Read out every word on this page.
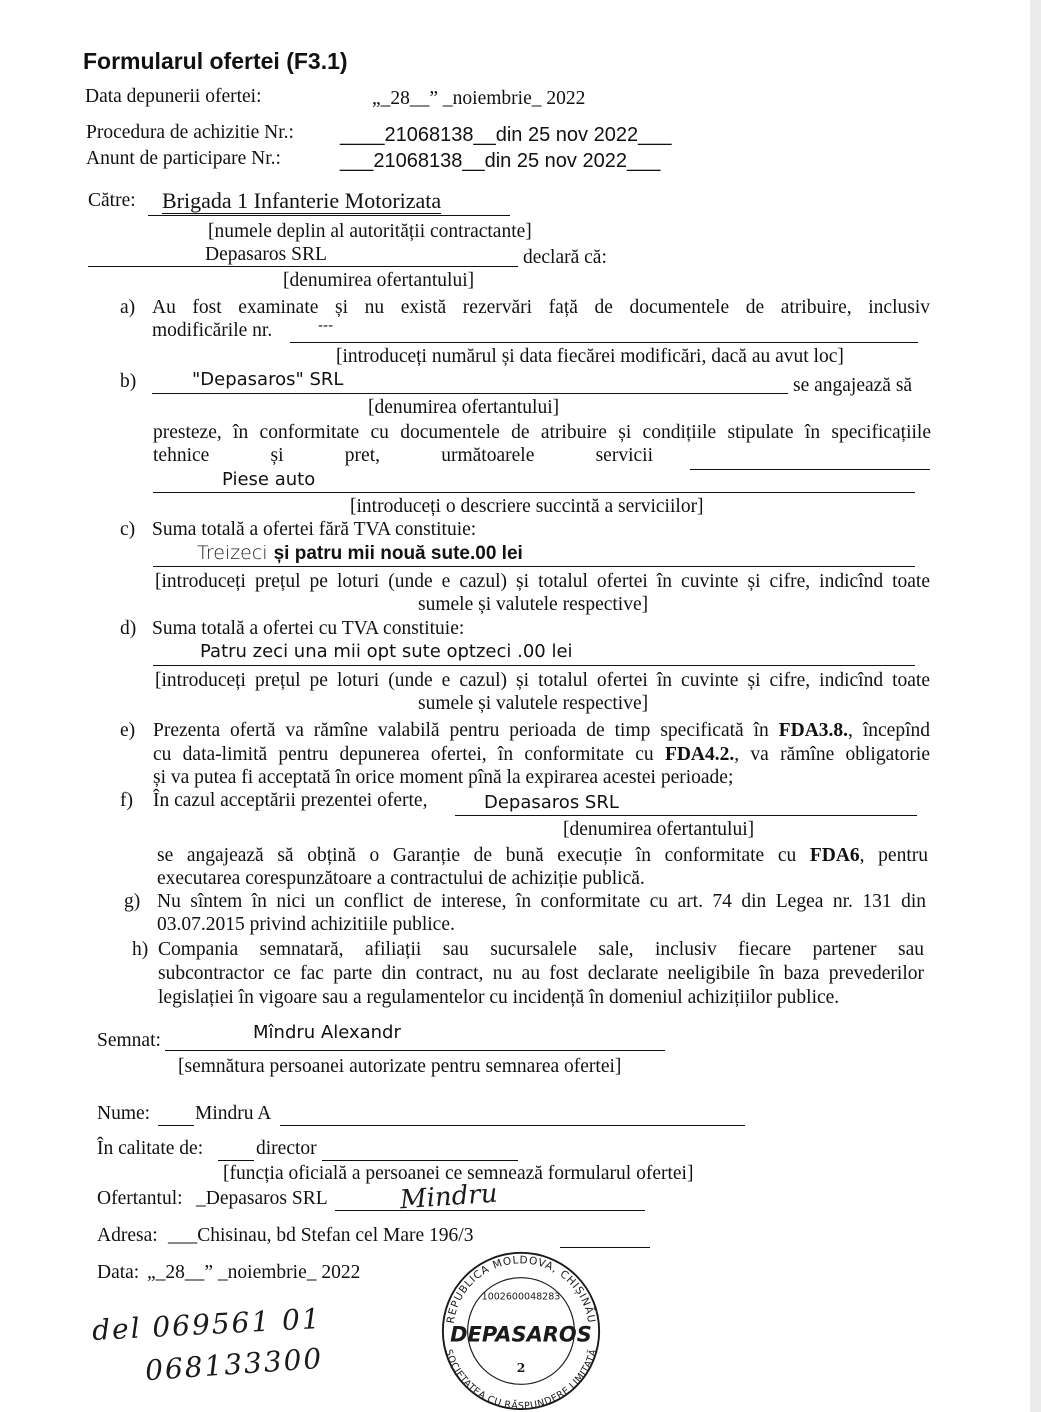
Formularul ofertei (F3.1)
Data depunerii ofertei:	„_28__” _noiembrie_ 2022
Procedura de achizitie Nr.: ____21068138__din 25 nov 2022___
Anunt de participare Nr.:	___21068138__din 25 nov 2022___
Către: Brigada 1 Infanterie Motorizata
[numele deplin al autorității contractante]
Depasaros SRL	declară că:
[denumirea ofertantului]
a) Au fost examinate și nu există rezervări față de documentele de atribuire, inclusiv
modificările nr.	---
[introduceți numărul și data fiecărei modificări, dacă au avut loc]
b)	"Depasaros" SRL	se angajează să
[denumirea ofertantului]
presteze, în conformitate cu documentele de atribuire și condițiile stipulate în specificațiile
tehnice	și	pret,	următoarele	servicii
Piese auto
[introduceți o descriere succintă a serviciilor]
c) Suma totală a ofertei fără TVA constituie:
Treizeci și patru mii nouă sute.00 lei
[introduceți prețul pe loturi (unde e cazul) și totalul ofertei în cuvinte și cifre, indicînd toate
sumele și valutele respective]
d) Suma totală a ofertei cu TVA constituie:
Patru zeci una mii opt sute optzeci .00 lei
[introduceți prețul pe loturi (unde e cazul) și totalul ofertei în cuvinte și cifre, indicînd toate
sumele și valutele respective]
e) Prezenta ofertă va rămîne valabilă pentru perioada de timp specificată în FDA3.8., începînd
cu data-limită pentru depunerea ofertei, în conformitate cu FDA4.2., va rămîne obligatorie
și va putea fi acceptată în orice moment pînă la expirarea acestei perioade;
f) În cazul acceptării prezentei oferte,	Depasaros SRL
[denumirea ofertantului]
se angajează să obțină o Garanție de bună execuție în conformitate cu FDA6, pentru
executarea corespunzătoare a contractului de achiziție publică.
g) Nu sîntem în nici un conflict de interese, în conformitate cu art. 74 din Legea nr. 131 din
03.07.2015 privind achizitiile publice.
h) Compania semnatară, afiliații sau sucursalele sale, inclusiv fiecare partener sau
subcontractor ce fac parte din contract, nu au fost declarate neeligibile în baza prevederilor
legislației în vigoare sau a regulamentelor cu incidență în domeniul achizițiilor publice.
Semnat:	Mîndru Alexandr
[semnătura persoanei autorizate pentru semnarea ofertei]
Nume: Mindru A
În calitate de:	director
[funcția oficială a persoanei ce semnează formularul ofertei]
Ofertantul: _Depasaros SRL	Mindru
Adresa: ___Chisinau, bd Stefan cel Mare 196/3
Data: „_28__” _noiembrie_ 2022
del 069561 01
068133300
REPUBLICA MOLDOVA, CHIȘINĂU
SOCIETATEA CU RĂSPUNDERE LIMITATĂ
1002600048283
DEPASAROS
2
